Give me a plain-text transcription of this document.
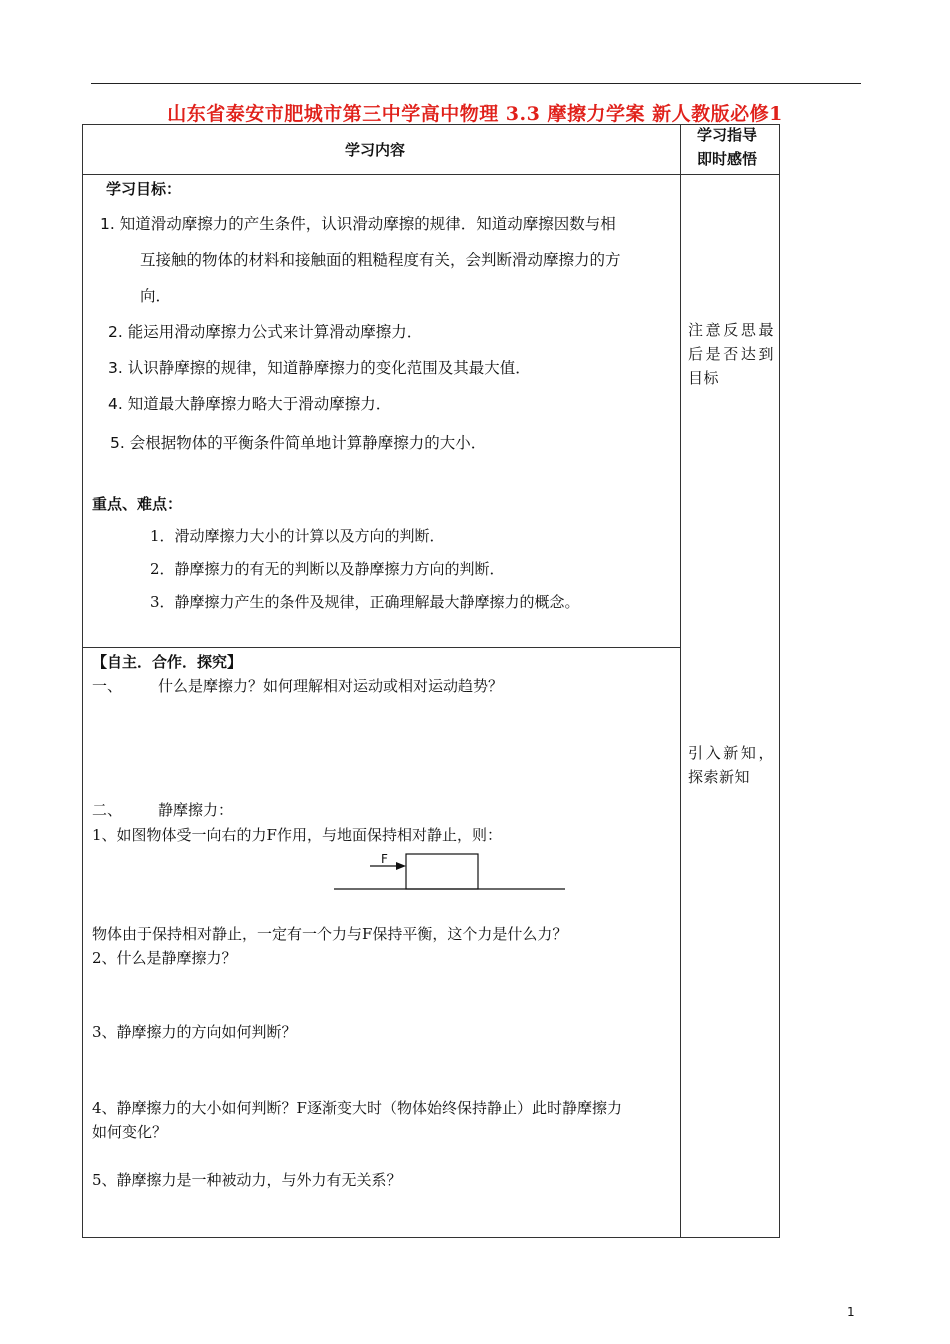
山东省泰安市肥城市第三中学高中物理 3.3 摩擦力学案 新人教版必修1
学习内容
学习指导
即时感悟
学习目标：
1. 知道滑动摩擦力的产生条件，认识滑动摩擦的规律．知道动摩擦因数与相
互接触的物体的材料和接触面的粗糙程度有关，会判断滑动摩擦力的方
向．
2. 能运用滑动摩擦力公式来计算滑动摩擦力．
3. 认识静摩擦的规律，知道静摩擦力的变化范围及其最大值．
4. 知道最大静摩擦力略大于滑动摩擦力．
5. 会根据物体的平衡条件简单地计算静摩擦力的大小．
重点、难点：
1．滑动摩擦力大小的计算以及方向的判断．
2．静摩擦力的有无的判断以及静摩擦力方向的判断．
3．静摩擦力产生的条件及规律，正确理解最大静摩擦力的概念。
注意反思最后是否达到目标
引入新知，探索新知
【自主．合作．探究】
一、 什么是摩擦力？如何理解相对运动或相对运动趋势？
二、 静摩擦力：
1、如图物体受一向右的力F作用，与地面保持相对静止，则：
F
物体由于保持相对静止，一定有一个力与F保持平衡，这个力是什么力？
2、什么是静摩擦力？
3、静摩擦力的方向如何判断？
4、静摩擦力的大小如何判断？F逐渐变大时（物体始终保持静止）此时静摩擦力
如何变化？
5、静摩擦力是一种被动力，与外力有无关系？
1
